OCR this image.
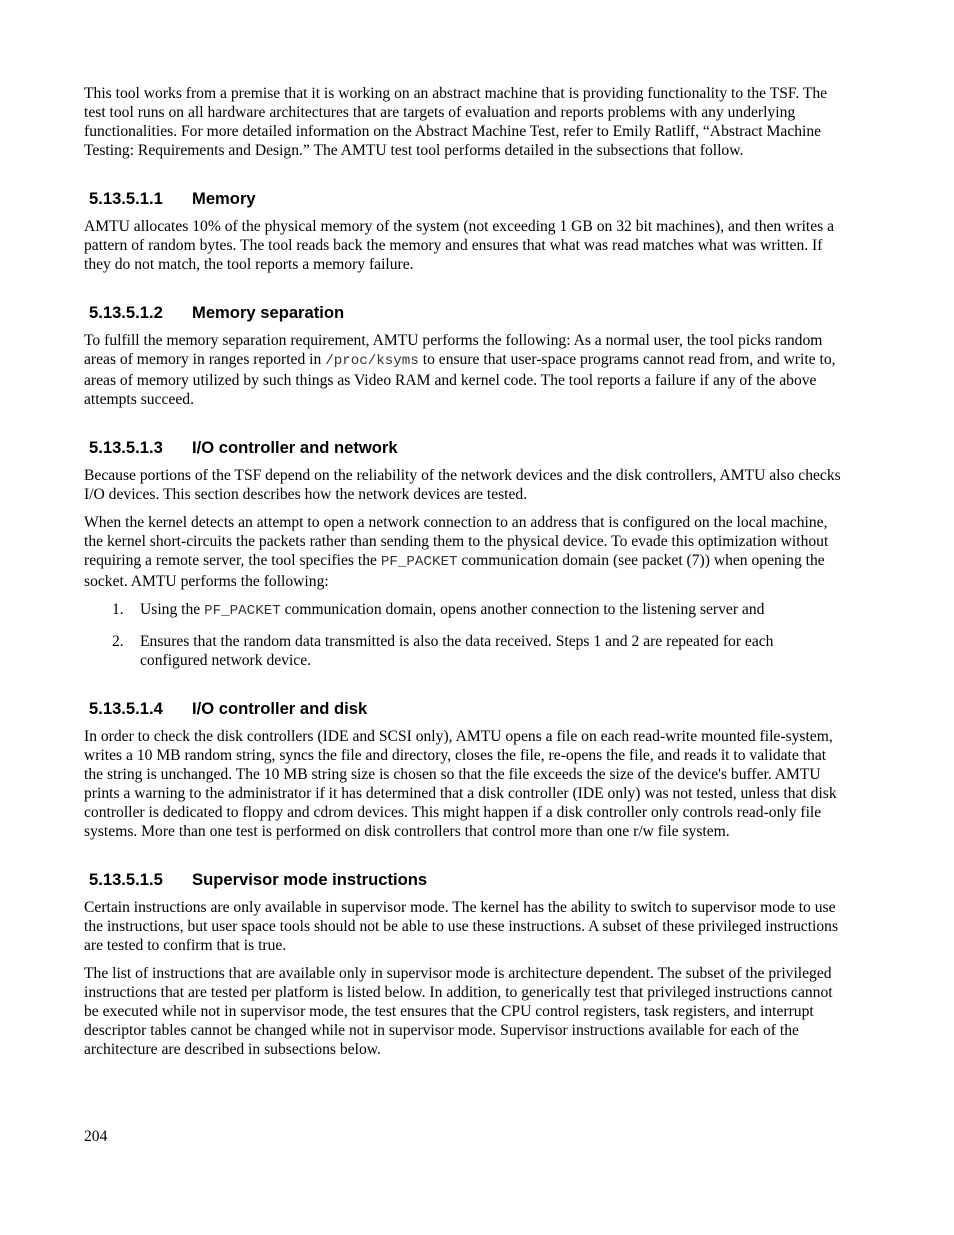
This tool works from a premise that it is working on an abstract machine that is providing functionality to the TSF. The test tool runs on all hardware architectures that are targets of evaluation and reports problems with any underlying functionalities. For more detailed information on the Abstract Machine Test, refer to Emily Ratliff, “Abstract Machine Testing: Requirements and Design.” The AMTU test tool performs detailed in the subsections that follow.

5.13.5.1.1 Memory

AMTU allocates 10% of the physical memory of the system (not exceeding 1 GB on 32 bit machines), and then writes a pattern of random bytes. The tool reads back the memory and ensures that what was read matches what was written. If they do not match, the tool reports a memory failure.

5.13.5.1.2 Memory separation

To fulfill the memory separation requirement, AMTU performs the following: As a normal user, the tool picks random areas of memory in ranges reported in /proc/ksyms to ensure that user-space programs cannot read from, and write to, areas of memory utilized by such things as Video RAM and kernel code. The tool reports a failure if any of the above attempts succeed.

5.13.5.1.3 I/O controller and network

Because portions of the TSF depend on the reliability of the network devices and the disk controllers, AMTU also checks I/O devices. This section describes how the network devices are tested.

When the kernel detects an attempt to open a network connection to an address that is configured on the local machine, the kernel short-circuits the packets rather than sending them to the physical device. To evade this optimization without requiring a remote server, the tool specifies the PF_PACKET communication domain (see packet (7)) when opening the socket. AMTU performs the following:

1. Using the PF_PACKET communication domain, opens another connection to the listening server and
2. Ensures that the random data transmitted is also the data received. Steps 1 and 2 are repeated for each configured network device.
5.13.5.1.4 I/O controller and disk

In order to check the disk controllers (IDE and SCSI only), AMTU opens a file on each read-write mounted file-system, writes a 10 MB random string, syncs the file and directory, closes the file, re-opens the file, and reads it to validate that the string is unchanged. The 10 MB string size is chosen so that the file exceeds the size of the device's buffer. AMTU prints a warning to the administrator if it has determined that a disk controller (IDE only) was not tested, unless that disk controller is dedicated to floppy and cdrom devices. This might happen if a disk controller only controls read-only file systems. More than one test is performed on disk controllers that control more than one r/w file system.

5.13.5.1.5 Supervisor mode instructions

Certain instructions are only available in supervisor mode. The kernel has the ability to switch to supervisor mode to use the instructions, but user space tools should not be able to use these instructions. A subset of these privileged instructions are tested to confirm that is true.

The list of instructions that are available only in supervisor mode is architecture dependent. The subset of the privileged instructions that are tested per platform is listed below. In addition, to generically test that privileged instructions cannot be executed while not in supervisor mode, the test ensures that the CPU control registers, task registers, and interrupt descriptor tables cannot be changed while not in supervisor mode. Supervisor instructions available for each of the architecture are described in subsections below.

204
